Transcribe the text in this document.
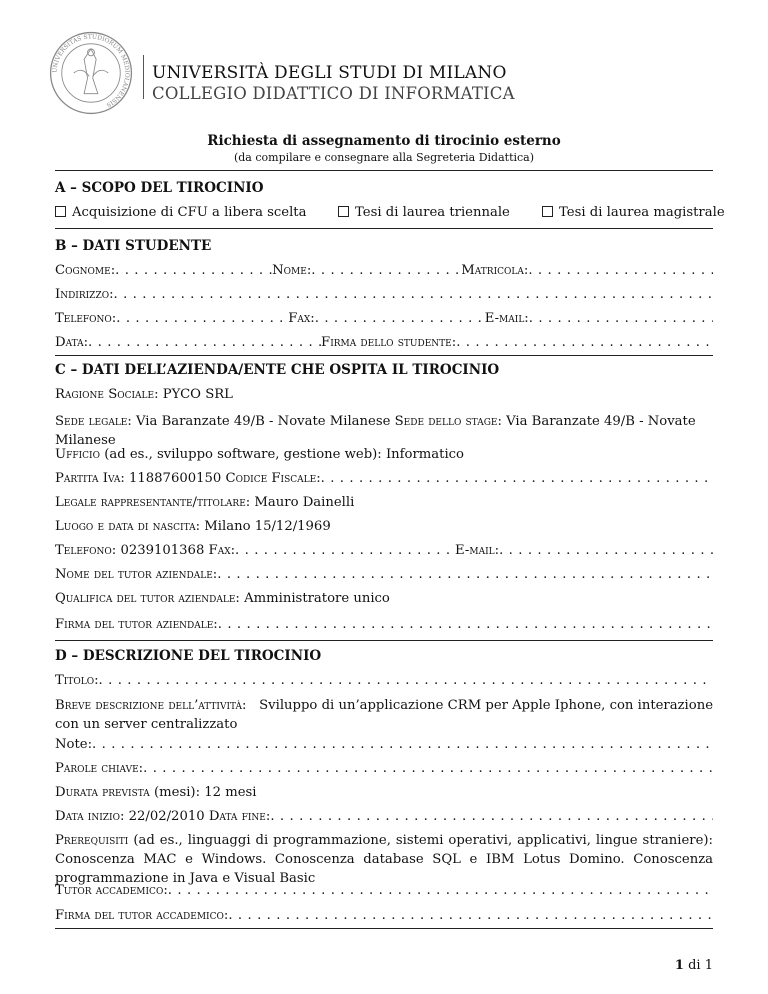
UNIVERSITAS STUDIORUM MEDIOLANENSIS
UNIVERSITÀ DEGLI STUDI DI MILANO
COLLEGIO DIDATTICO DI INFORMATICA
Richiesta di assegnamento di tirocinio esterno
(da compilare e consegnare alla Segreteria Didattica)
A – SCOPO DEL TIROCINIO
Acquisizione di CFU a libera scelta	Tesi di laurea triennale	Tesi di laurea magistrale
B – DATI STUDENTE
Cognome: . . .	Nome: . . .	Matricola:
. . .
Indirizzo:
. . .
Telefono: . . .	Fax: . . .	E-mail:
. . .
Data: . . .	Firma dello studente:
. . .
C – DATI DELL’AZIENDA/ENTE CHE OSPITA IL TIROCINIO
Ragione Sociale: PYCO SRL
Sede legale: Via Baranzate 49/B - Novate Milanese Sede dello stage: Via Baranzate 49/B - Novate Milanese
Ufficio (ad es., sviluppo software, gestione web): Informatico
Partita Iva:
11887600150
Codice Fiscale:
. . .
Legale rappresentante/titolare: Mauro Dainelli
Luogo e data di nascita: Milano 15/12/1969
Telefono:
0239101368
Fax: . . .	E-mail:
. . .
Nome del tutor aziendale:
. . .
Qualifica del tutor aziendale: Amministratore unico
Firma del tutor aziendale:
. . .
D – DESCRIZIONE DEL TIROCINIO
Titolo:
. . .
Breve descrizione dell’attività: Sviluppo di un’applicazione CRM per Apple Iphone, con interazione con un server centralizzato
Note:
. . .
Parole chiave:
. . .
Durata prevista (mesi): 12 mesi
Data inizio:
22/02/2010
Data fine:
. . .
Prerequisiti (ad es., linguaggi di programmazione, sistemi operativi, applicativi, lingue straniere): Conoscenza MAC e Windows. Conoscenza database SQL e IBM Lotus Domino. Conoscenza programmazione in Java e Visual Basic
Tutor accademico:
. . .
Firma del tutor accademico:
. . .
1 di 1
